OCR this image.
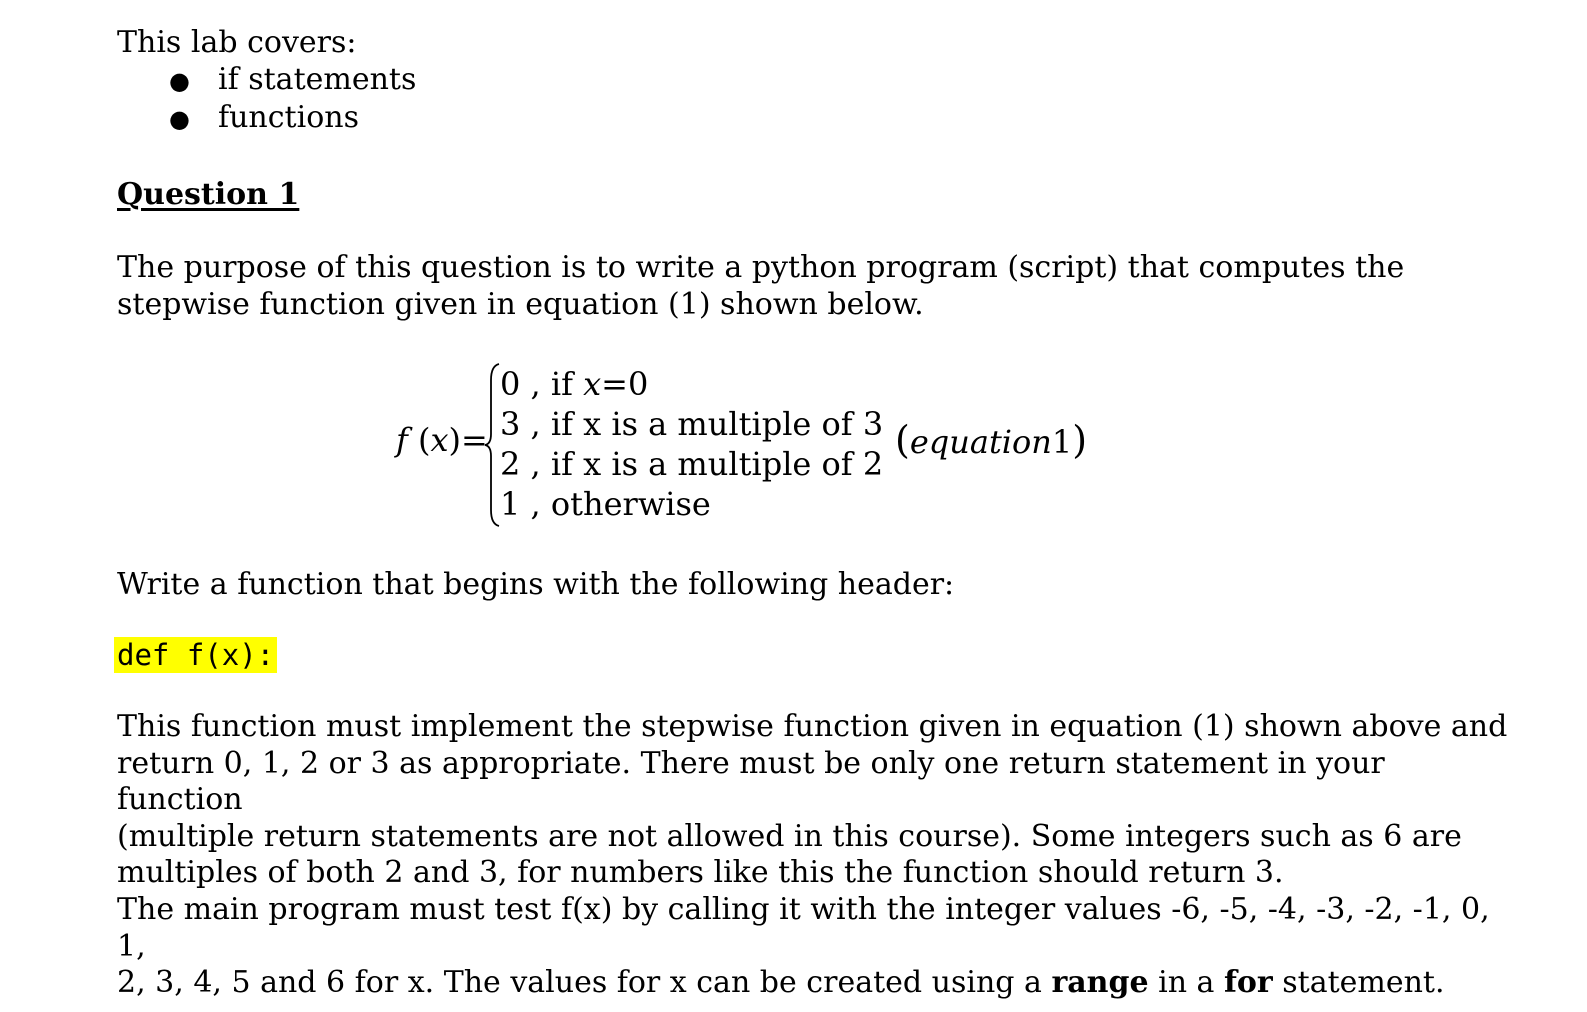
This lab covers:
● if statements
● functions
Question 1
The purpose of this question is to write a python program (script) that computes the
stepwise function given in equation (1) shown below.
f (x)=
0 , if x=0
3 , if x is a multiple of 3
2 , if x is a multiple of 2
1 , otherwise
(equation1)
Write a function that begins with the following header:
def f(x):
This function must implement the stepwise function given in equation (1) shown above and
return 0, 1, 2 or 3 as appropriate. There must be only one return statement in your function
(multiple return statements are not allowed in this course). Some integers such as 6 are
multiples of both 2 and 3, for numbers like this the function should return 3.
The main program must test f(x) by calling it with the integer values -6, -5, -4, -3, -2, -1, 0, 1,
2, 3, 4, 5 and 6 for x. The values for x can be created using a range in a for statement.
